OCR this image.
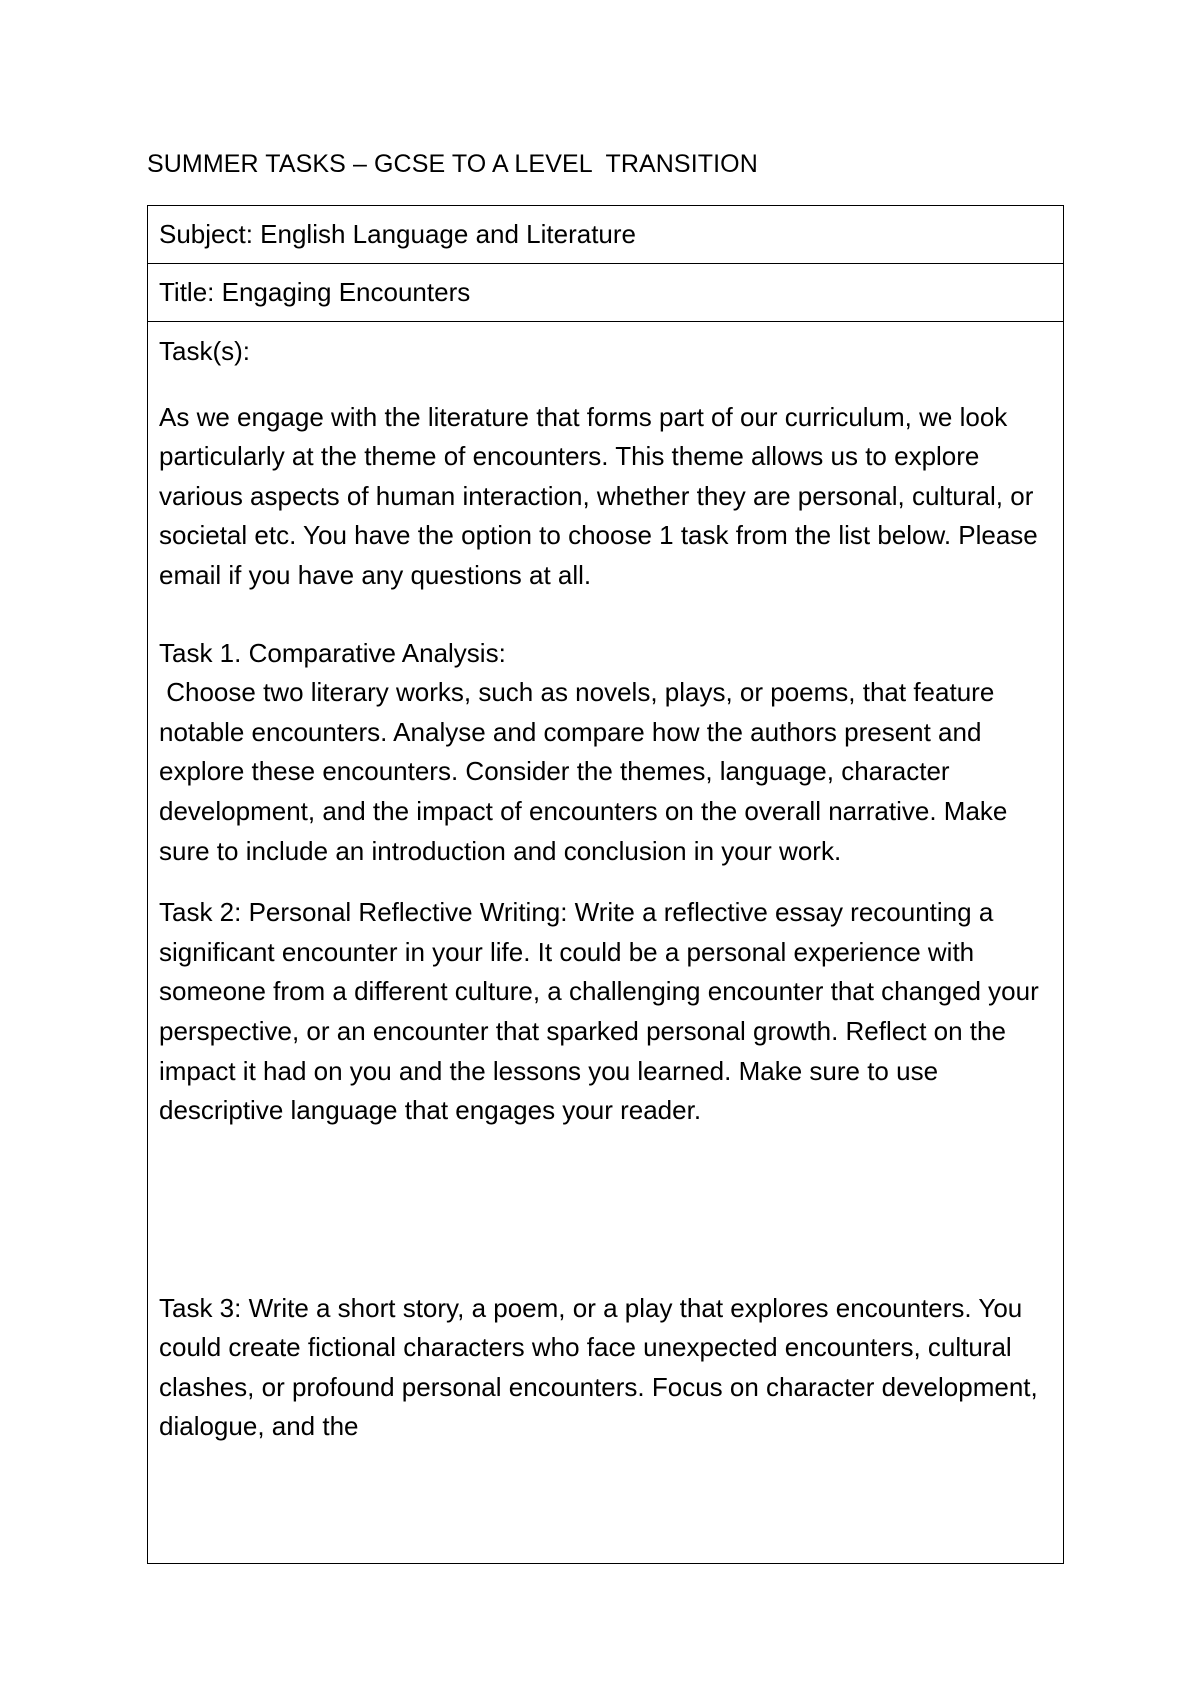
SUMMER TASKS – GCSE TO A LEVEL  TRANSITION
Subject: English Language and Literature
Title: Engaging Encounters

Task(s):

As we engage with the literature that forms part of our curriculum, we look particularly at the theme of encounters. This theme allows us to explore various aspects of human interaction, whether they are personal, cultural, or societal etc. You have the option to choose 1 task from the list below. Please email if you have any questions at all.

Task 1. Comparative Analysis:

Choose two literary works, such as novels, plays, or poems, that feature notable encounters. Analyse and compare how the authors present and explore these encounters. Consider the themes, language, character development, and the impact of encounters on the overall narrative. Make sure to include an introduction and conclusion in your work.

Task 2: Personal Reflective Writing: Write a reflective essay recounting a significant encounter in your life. It could be a personal experience with someone from a different culture, a challenging encounter that changed your perspective, or an encounter that sparked personal growth. Reflect on the impact it had on you and the lessons you learned. Make sure to use descriptive language that engages your reader.

Task 3: Write a short story, a poem, or a play that explores encounters. You could create fictional characters who face unexpected encounters, cultural clashes, or profound personal encounters. Focus on character development, dialogue, and the
